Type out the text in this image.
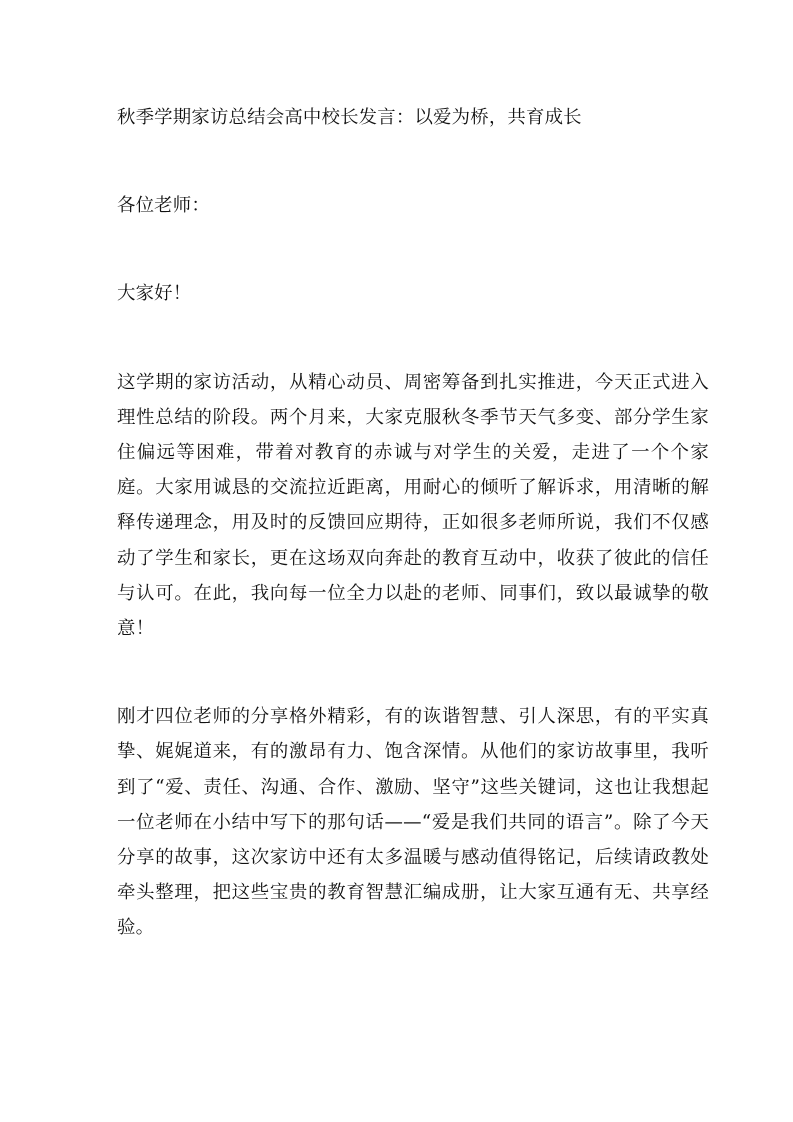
秋季学期家访总结会高中校长发言：以爱为桥，共育成长

各位老师：

大家好！

这学期的家访活动，从精心动员、周密筹备到扎实推进，今天正式进入理性总结的阶段。两个月来，大家克服秋冬季节天气多变、部分学生家住偏远等困难，带着对教育的赤诚与对学生的关爱，走进了一个个家庭。大家用诚恳的交流拉近距离，用耐心的倾听了解诉求，用清晰的解释传递理念，用及时的反馈回应期待，正如很多老师所说，我们不仅感动了学生和家长，更在这场双向奔赴的教育互动中，收获了彼此的信任与认可。在此，我向每一位全力以赴的老师、同事们，致以最诚挚的敬意！

刚才四位老师的分享格外精彩，有的诙谐智慧、引人深思，有的平实真挚、娓娓道来，有的激昂有力、饱含深情。从他们的家访故事里，我听到了“爱、责任、沟通、合作、激励、坚守”这些关键词，这也让我想起一位老师在小结中写下的那句话——“爱是我们共同的语言”。除了今天分享的故事，这次家访中还有太多温暖与感动值得铭记，后续请政教处牵头整理，把这些宝贵的教育智慧汇编成册，让大家互通有无、共享经验。
